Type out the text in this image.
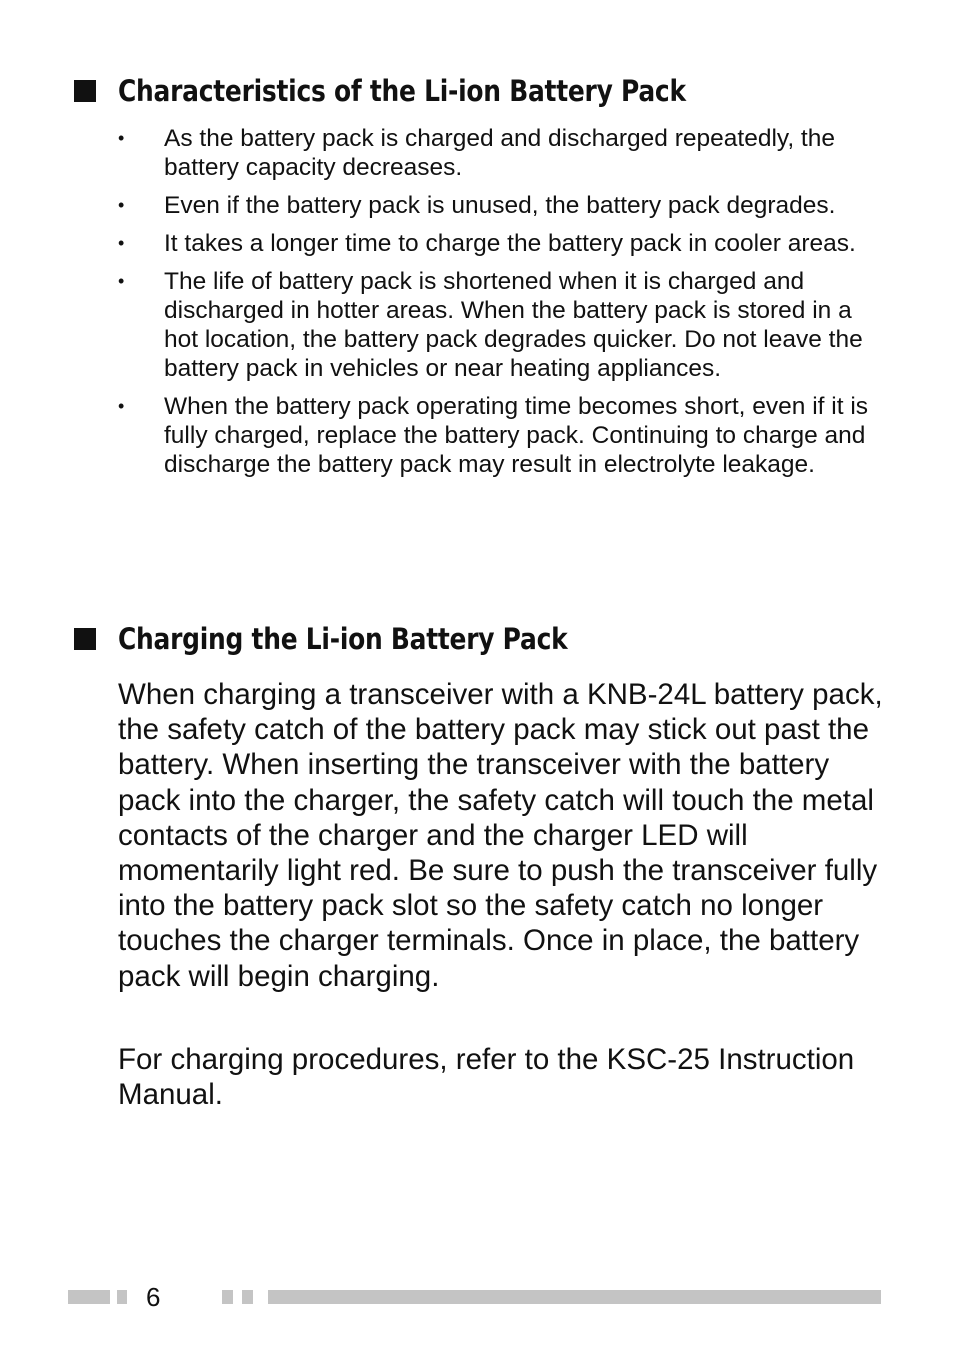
Characteristics of the Li-ion Battery Pack
•	As the battery pack is charged and discharged repeatedly, the battery capacity decreases.
•	Even if the battery pack is unused, the battery pack degrades.
•	It takes a longer time to charge the battery pack in cooler areas.
•	The life of battery pack is shortened when it is charged and discharged in hotter areas. When the battery pack is stored in a hot location, the battery pack degrades quicker. Do not leave the battery pack in vehicles or near heating appliances.
•	When the battery pack operating time becomes short, even if it is fully charged, replace the battery pack. Continuing to charge and discharge the battery pack may result in electrolyte leakage.
Charging the Li-ion Battery Pack

When charging a transceiver with a KNB-24L battery pack, the safety catch of the battery pack may stick out past the battery. When inserting the transceiver with the battery pack into the charger, the safety catch will touch the metal contacts of the charger and the charger LED will momentarily light red. Be sure to push the transceiver fully into the battery pack slot so the safety catch no longer touches the charger terminals. Once in place, the battery pack will begin charging.

For charging procedures, refer to the KSC-25 Instruction Manual.

6
